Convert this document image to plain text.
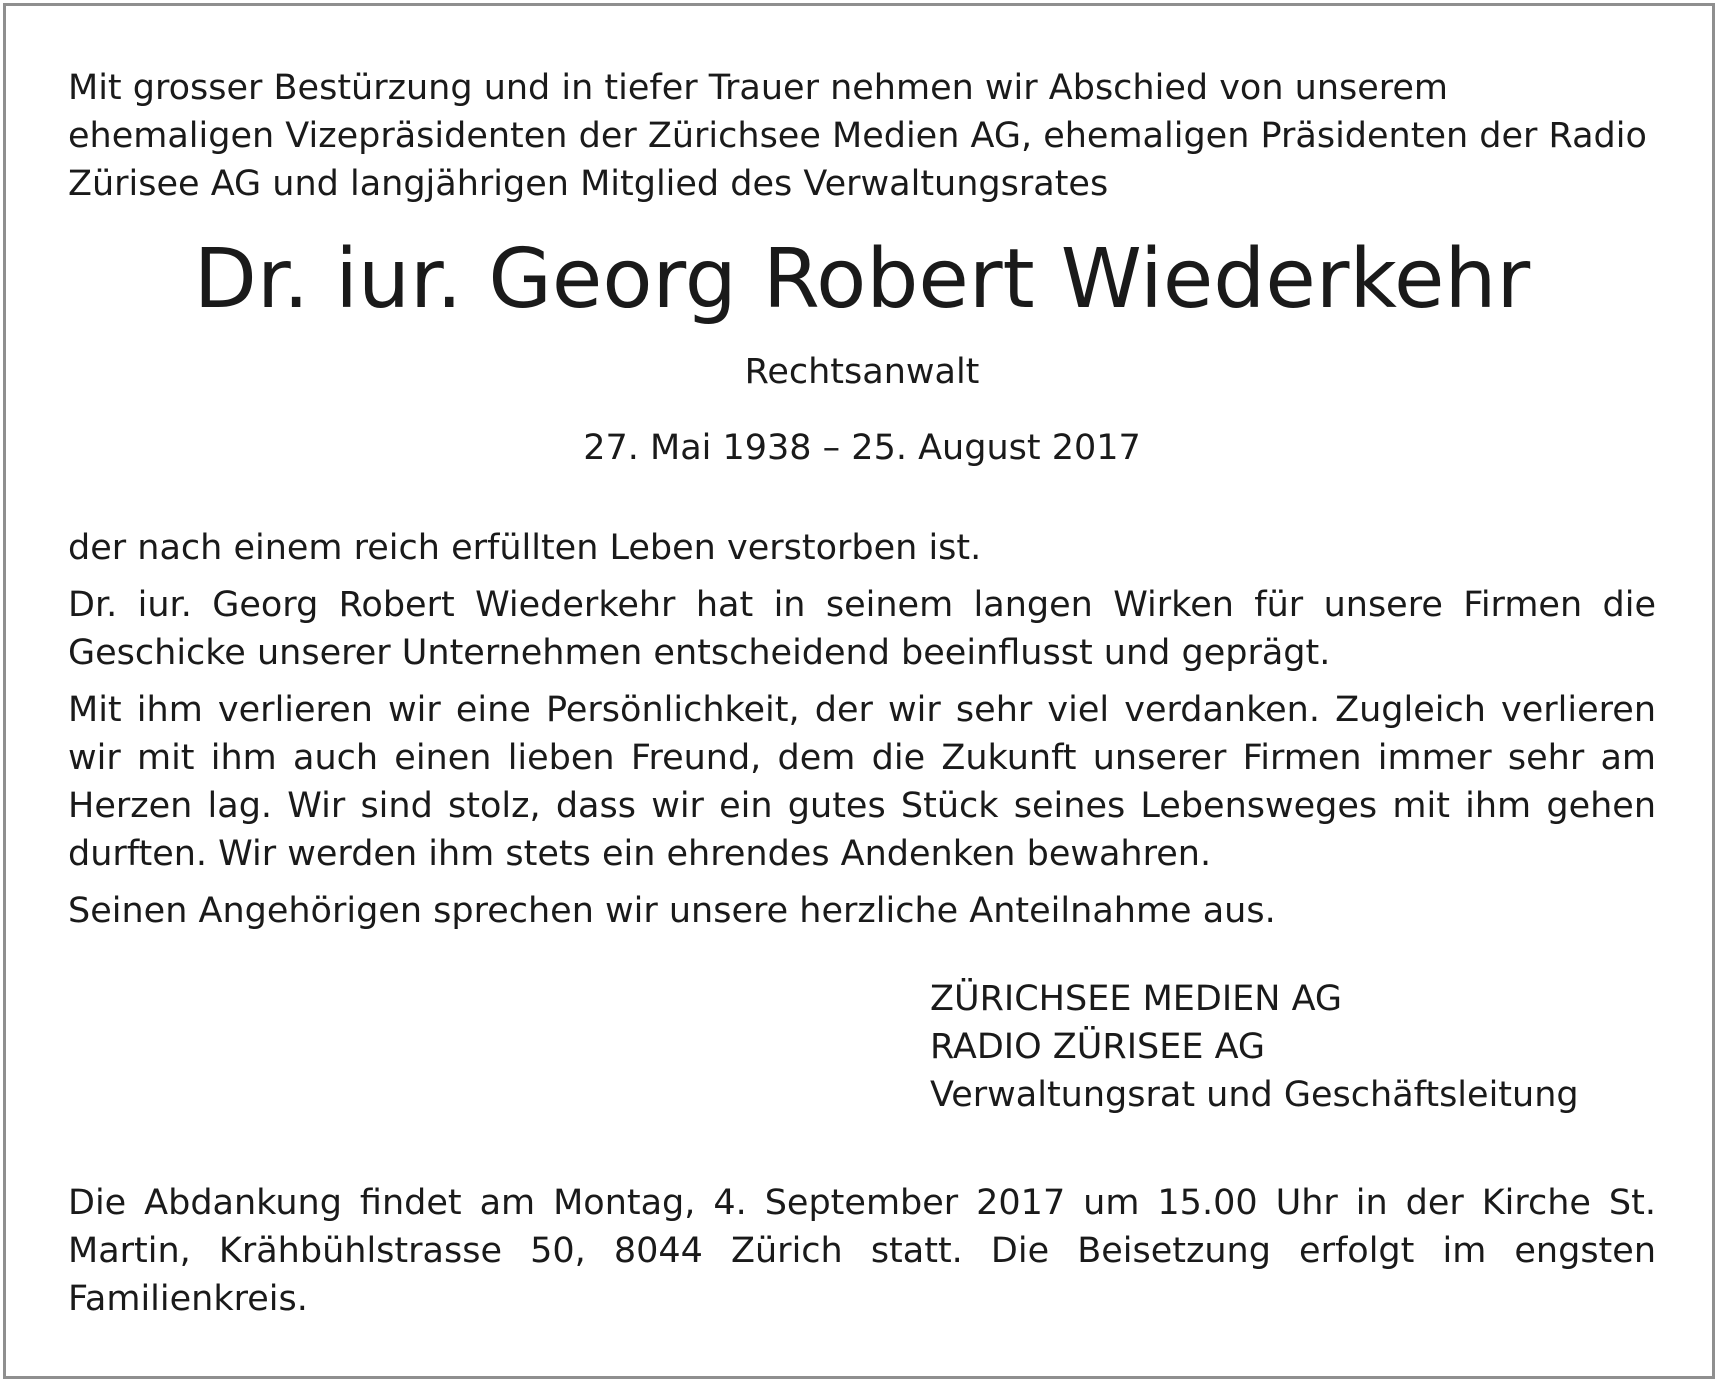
Mit grosser Bestürzung und in tiefer Trauer nehmen wir Abschied von unserem ehemaligen Vizepräsidenten der Zürichsee Medien AG, ehemaligen Präsidenten der Radio Zürisee AG und langjährigen Mitglied des Verwaltungsrates

Dr. iur. Georg Robert Wiederkehr

Rechtsanwalt

27. Mai 1938 – 25. August 2017

der nach einem reich erfüllten Leben verstorben ist.

Dr. iur. Georg Robert Wiederkehr hat in seinem langen Wirken für unsere Firmen die Geschicke unserer Unternehmen entscheidend beeinflusst und geprägt.

Mit ihm verlieren wir eine Persönlichkeit, der wir sehr viel verdanken. Zugleich verlieren wir mit ihm auch einen lieben Freund, dem die Zukunft unserer Firmen immer sehr am Herzen lag. Wir sind stolz, dass wir ein gutes Stück seines Lebensweges mit ihm gehen durften. Wir werden ihm stets ein ehrendes Andenken bewahren.

Seinen Angehörigen sprechen wir unsere herzliche Anteilnahme aus.

ZÜRICHSEE MEDIEN AG
RADIO ZÜRISEE AG
Verwaltungsrat und Geschäftsleitung

Die Abdankung findet am Montag, 4. September 2017 um 15.00 Uhr in der Kirche St. Martin, Krähbühlstrasse 50, 8044 Zürich statt. Die Beisetzung erfolgt im engsten Familienkreis.
